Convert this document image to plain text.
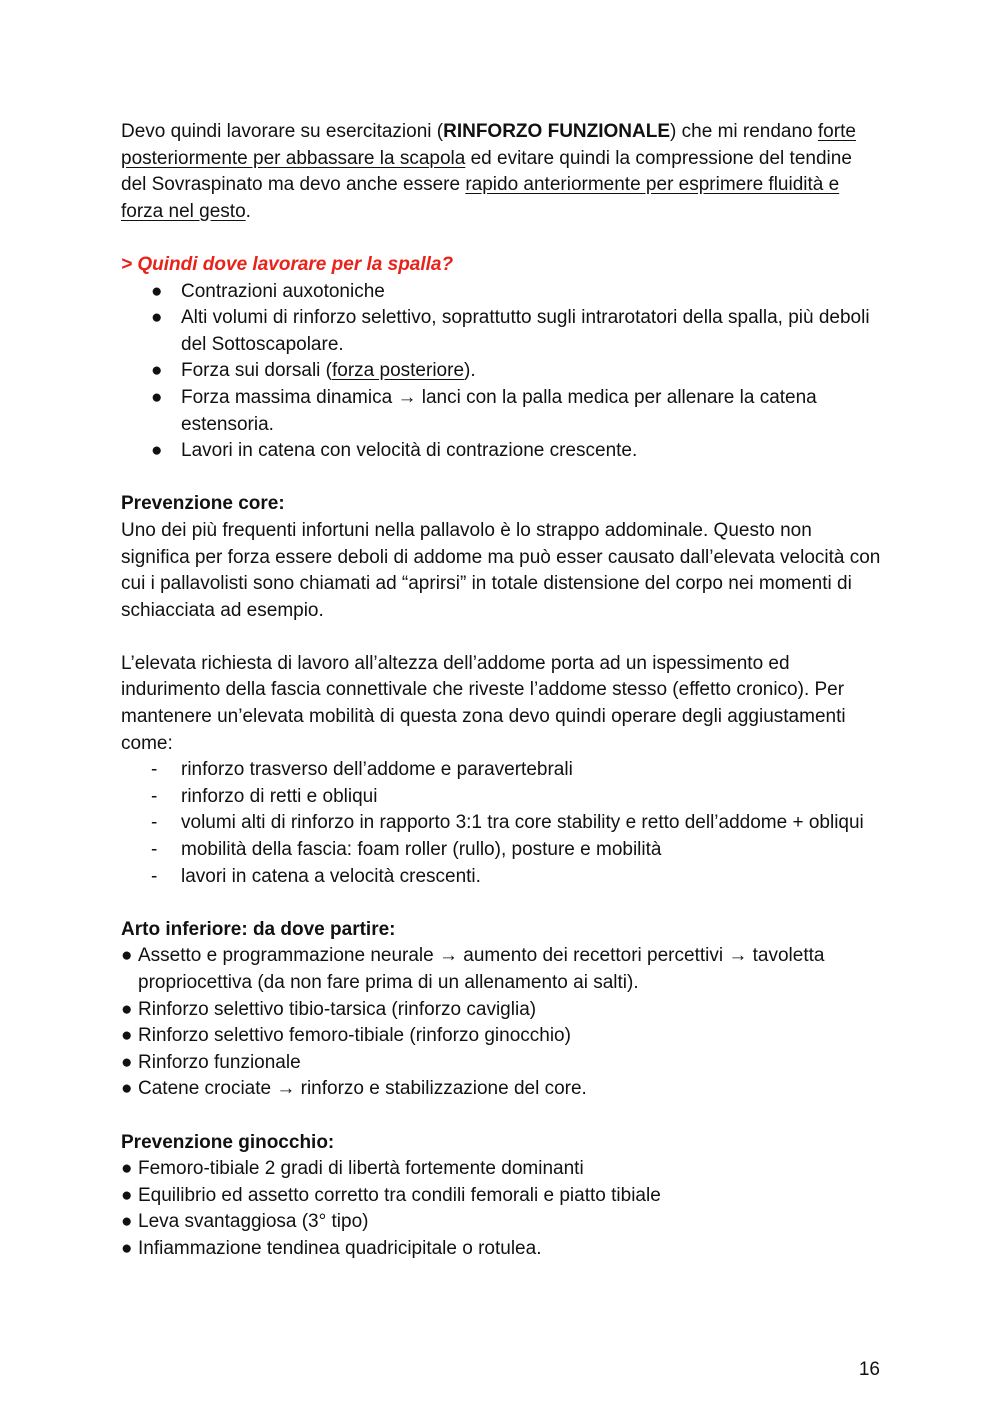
Devo quindi lavorare su esercitazioni (RINFORZO FUNZIONALE) che mi rendano forte posteriormente per abbassare la scapola ed evitare quindi la compressione del tendine del Sovraspinato ma devo anche essere rapido anteriormente per esprimere fluidità e forza nel gesto.

> Quindi dove lavorare per la spalla?

● Contrazioni auxotoniche
● Alti volumi di rinforzo selettivo, soprattutto sugli intrarotatori della spalla, più deboli del Sottoscapolare.
● Forza sui dorsali (forza posteriore).
● Forza massima dinamica → lanci con la palla medica per allenare la catena estensoria.
● Lavori in catena con velocità di contrazione crescente.

Prevenzione core:

Uno dei più frequenti infortuni nella pallavolo è lo strappo addominale. Questo non significa per forza essere deboli di addome ma può esser causato dall’elevata velocità con cui i pallavolisti sono chiamati ad “aprirsi” in totale distensione del corpo nei momenti di schiacciata ad esempio.

L’elevata richiesta di lavoro all’altezza dell’addome porta ad un ispessimento ed indurimento della fascia connettivale che riveste l’addome stesso (effetto cronico). Per mantenere un’elevata mobilità di questa zona devo quindi operare degli aggiustamenti come:

- rinforzo trasverso dell’addome e paravertebrali
- rinforzo di retti e obliqui
- volumi alti di rinforzo in rapporto 3:1 tra core stability e retto dell’addome + obliqui
- mobilità della fascia: foam roller (rullo), posture e mobilità
- lavori in catena a velocità crescenti.

Arto inferiore: da dove partire:

● Assetto e programmazione neurale → aumento dei recettori percettivi → tavoletta propriocettiva (da non fare prima di un allenamento ai salti).
● Rinforzo selettivo tibio-tarsica (rinforzo caviglia)
● Rinforzo selettivo femoro-tibiale (rinforzo ginocchio)
● Rinforzo funzionale
● Catene crociate → rinforzo e stabilizzazione del core.

Prevenzione ginocchio:

● Femoro-tibiale 2 gradi di libertà fortemente dominanti
● Equilibrio ed assetto corretto tra condili femorali e piatto tibiale
● Leva svantaggiosa (3° tipo)
● Infiammazione tendinea quadricipitale o rotulea.
16
